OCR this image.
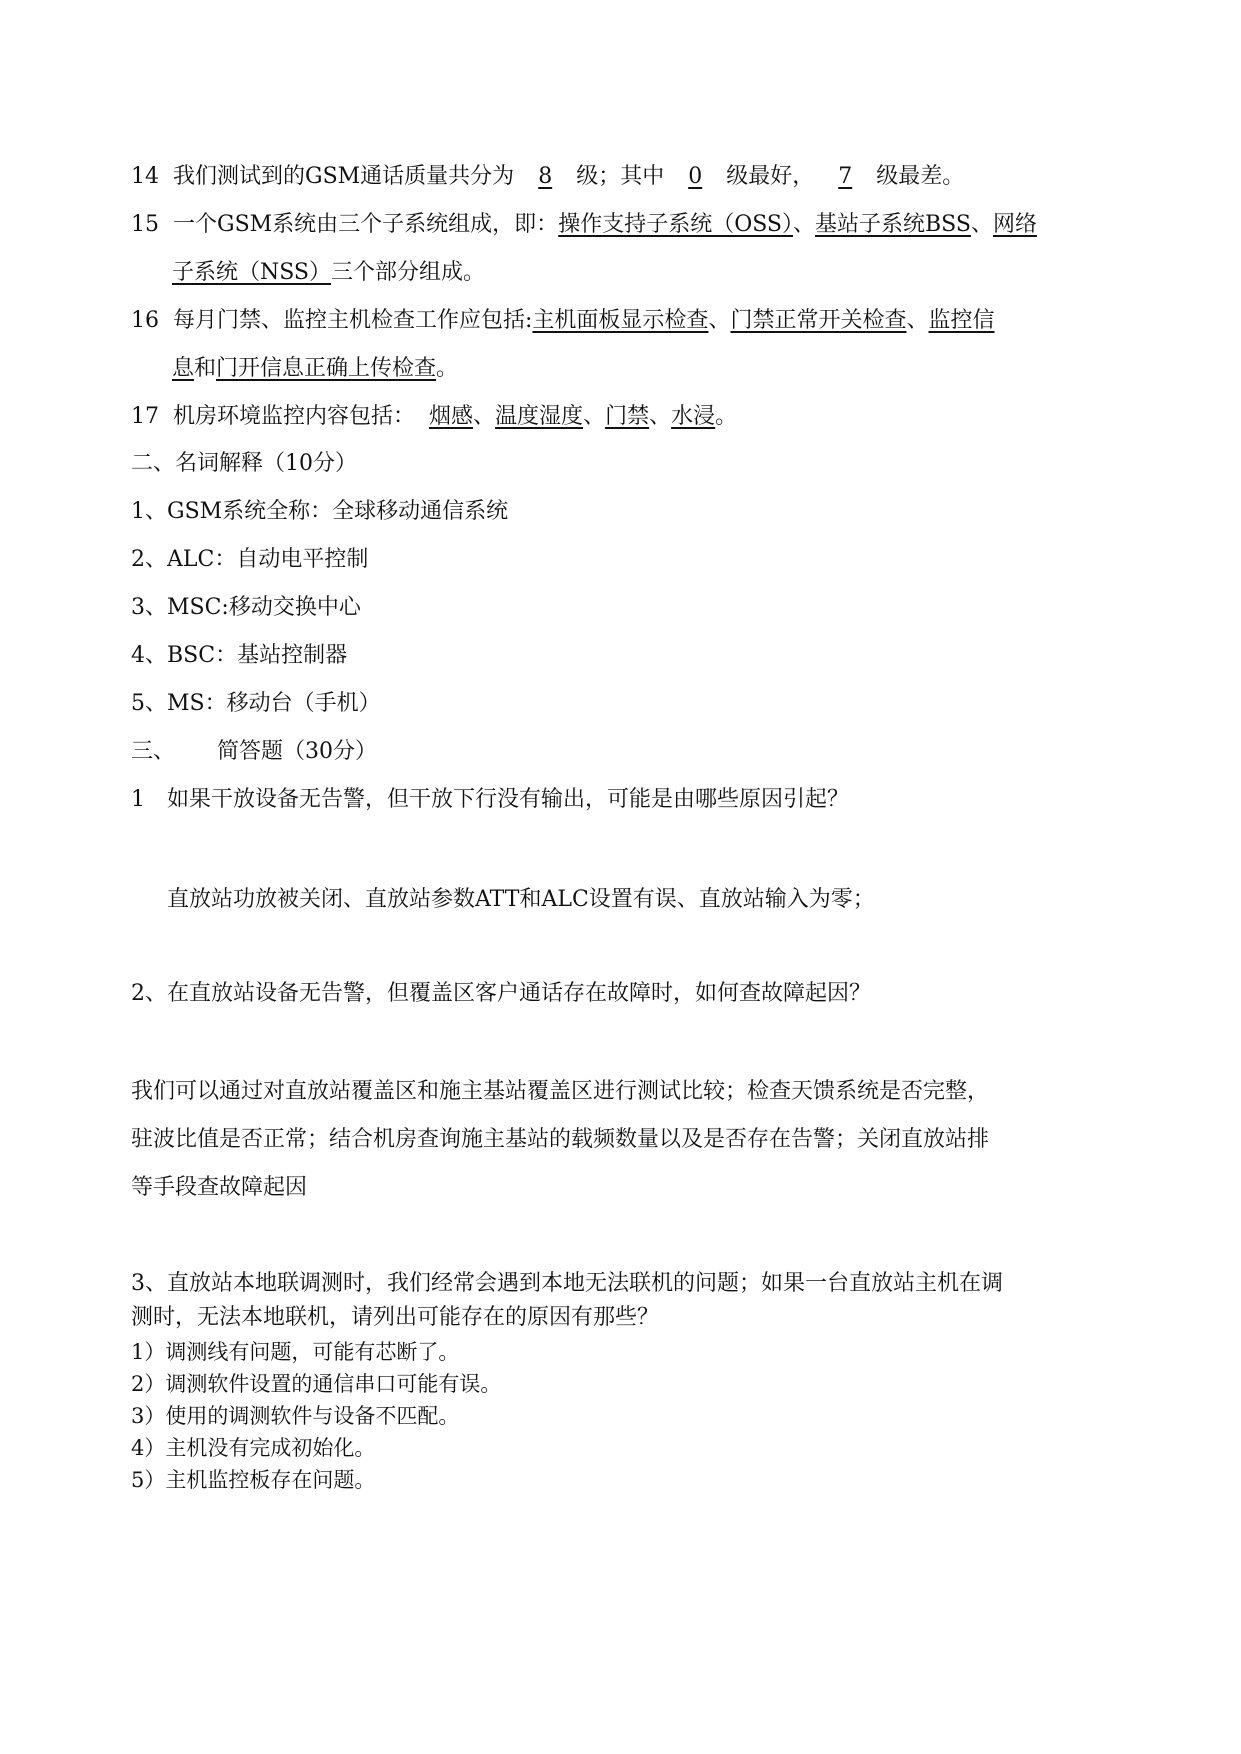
14 我们测试到的GSM通话质量共分为 8 级；其中 0 级最好， 7 级最差。
15 一个GSM系统由三个子系统组成，即：操作支持子系统（OSS）、基站子系统BSS、网络
子系统（NSS）三个部分组成。
16 每月门禁、监控主机检查工作应包括:主机面板显示检查、门禁正常开关检查、监控信
息和门开信息正确上传检查。
17 机房环境监控内容包括： 烟感、温度湿度、门禁、水浸。
二、名词解释（10分）
1、GSM系统全称：全球移动通信系统
2、ALC：自动电平控制
3、MSC:移动交换中心
4、BSC：基站控制器
5、MS：移动台（手机）
三、 简答题（30分）
1　如果干放设备无告警，但干放下行没有输出，可能是由哪些原因引起？
直放站功放被关闭、直放站参数ATT和ALC设置有误、直放站输入为零；
2、在直放站设备无告警，但覆盖区客户通话存在故障时，如何查故障起因？
我们可以通过对直放站覆盖区和施主基站覆盖区进行测试比较；检查天馈系统是否完整，
驻波比值是否正常；结合机房查询施主基站的载频数量以及是否存在告警；关闭直放站排
等手段查故障起因
3、直放站本地联调测时，我们经常会遇到本地无法联机的问题；如果一台直放站主机在调
测时，无法本地联机，请列出可能存在的原因有那些？
1）调测线有问题，可能有芯断了。
2）调测软件设置的通信串口可能有误。
3）使用的调测软件与设备不匹配。
4）主机没有完成初始化。
5）主机监控板存在问题。
